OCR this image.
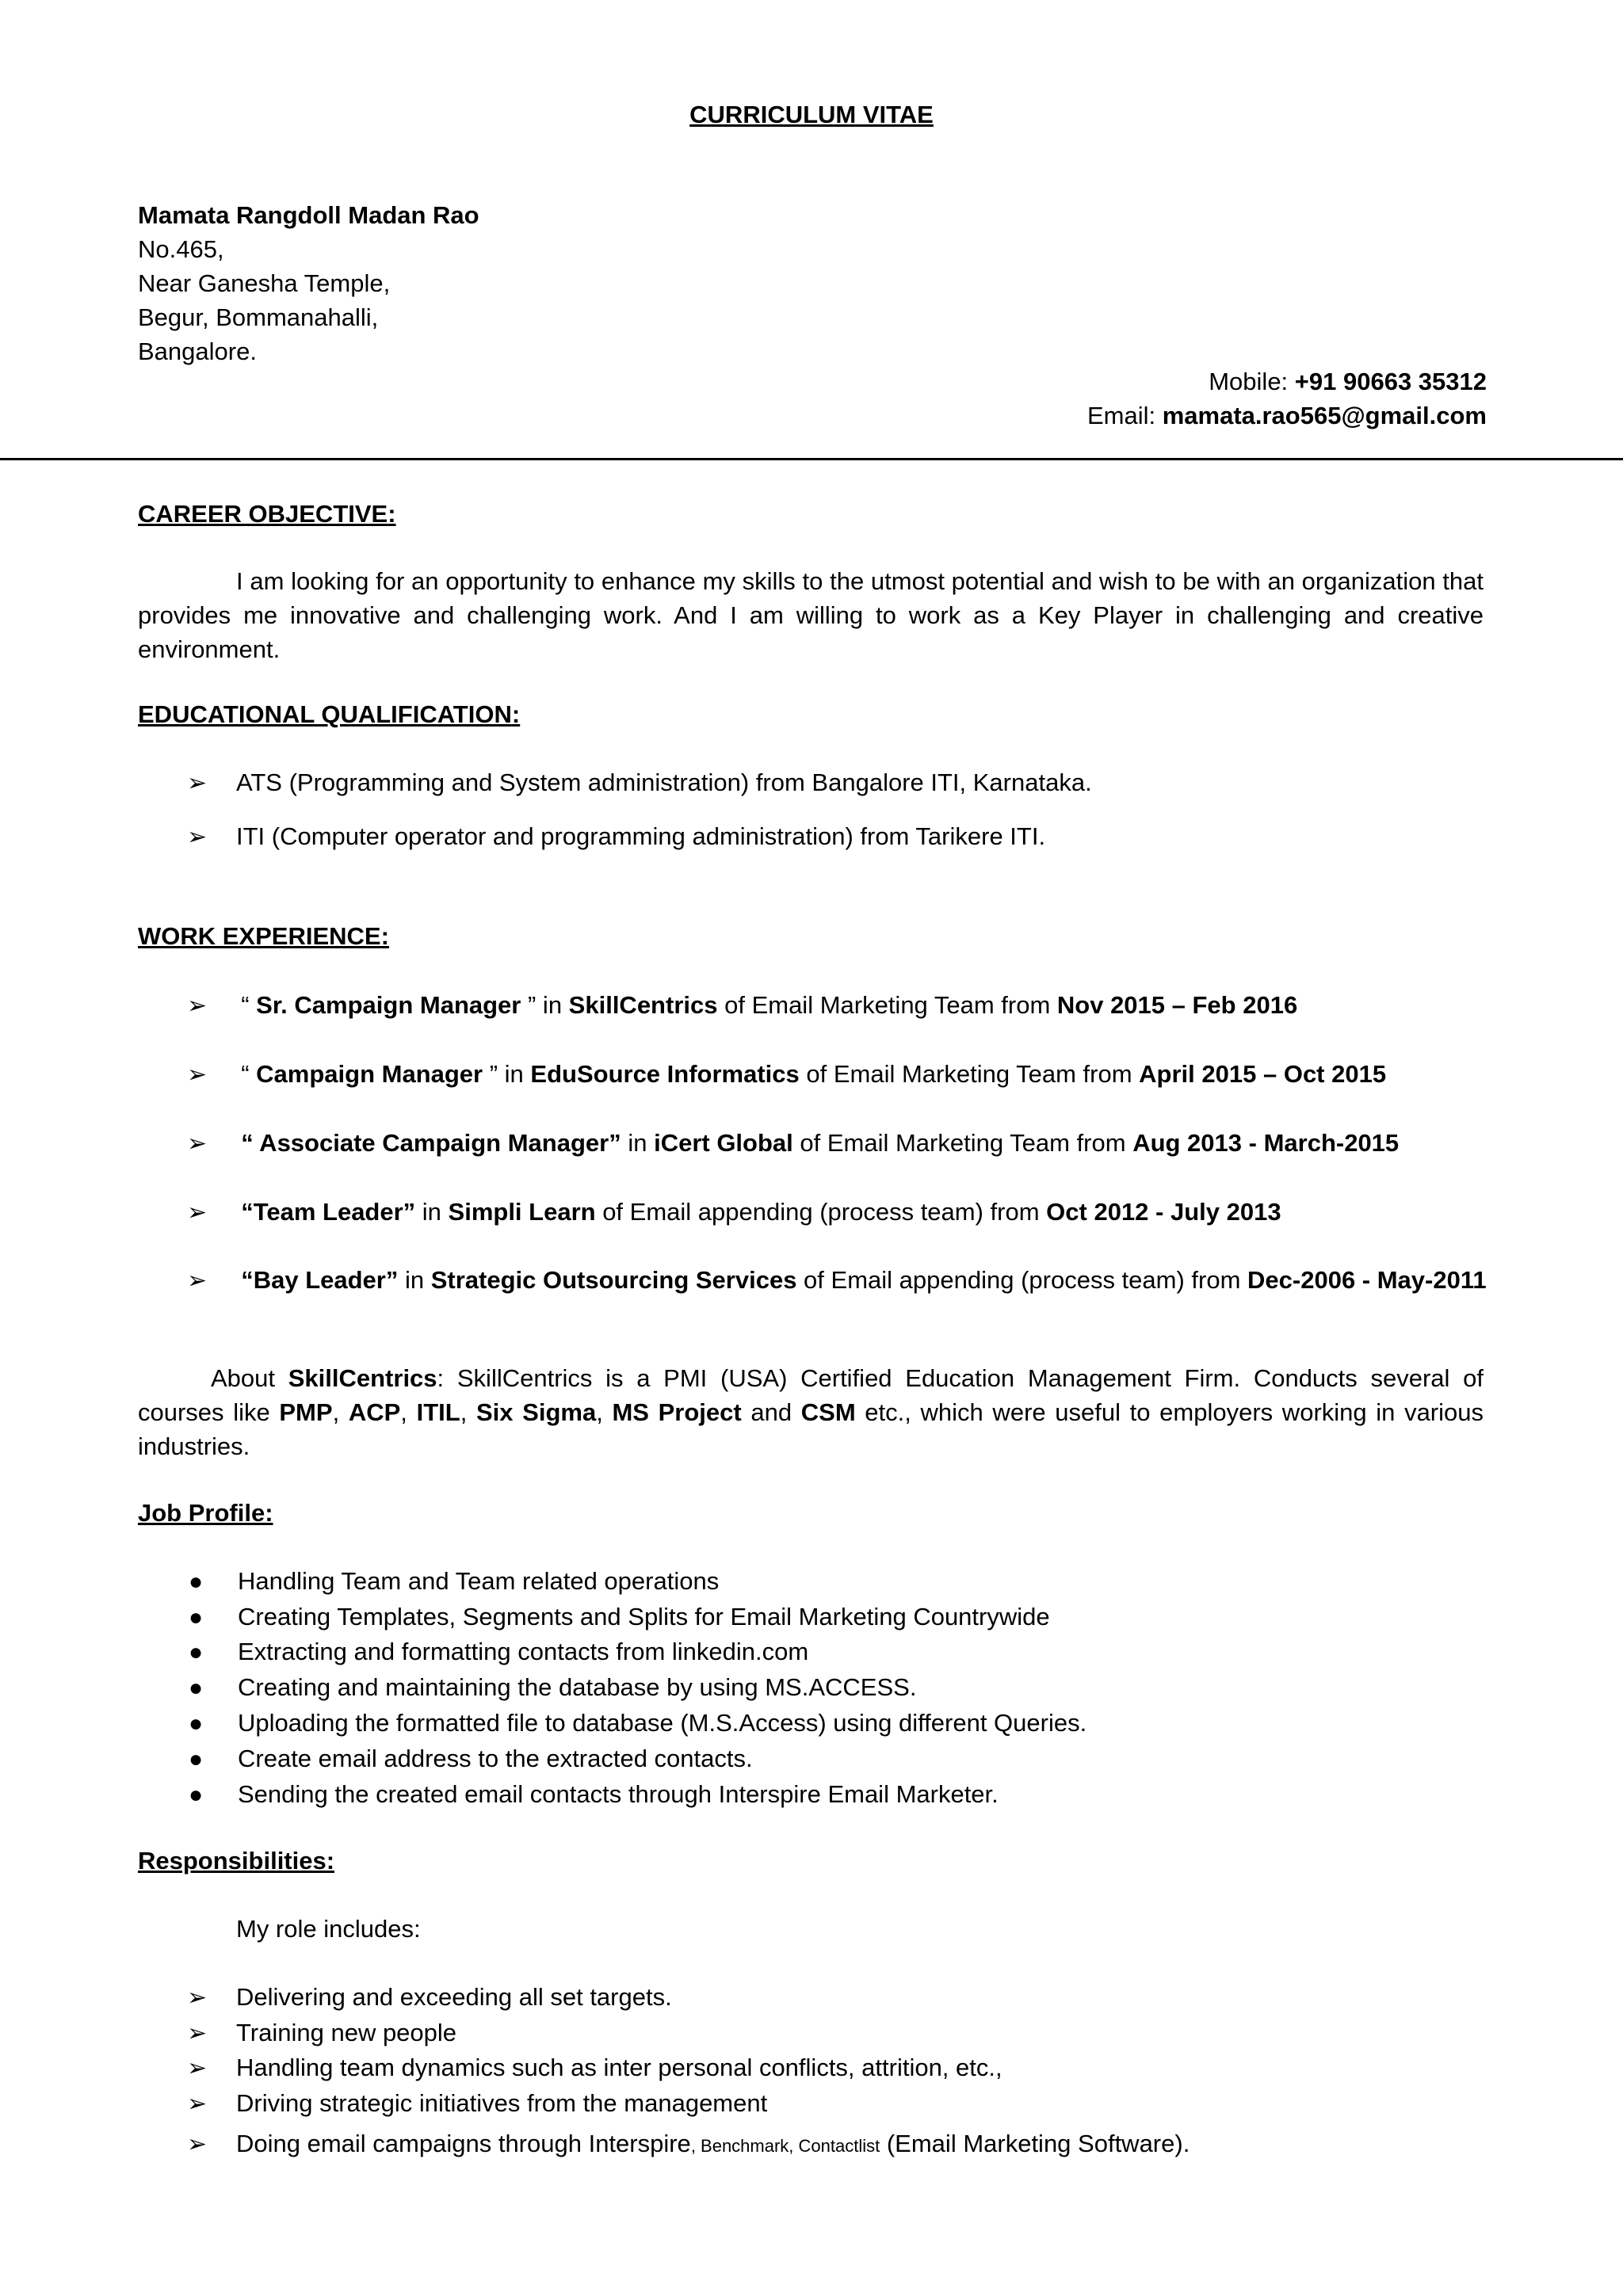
CURRICULUM VITAE
Mamata Rangdoll Madan Rao
No.465,
Near Ganesha Temple,
Begur, Bommanahalli,
Bangalore.
Mobile: +91 90663 35312
Email: mamata.rao565@gmail.com
CAREER OBJECTIVE:
I am looking for an opportunity to enhance my skills to the utmost potential and wish to be with an organization that provides me innovative and challenging work. And I am willing to work as a Key Player in challenging and creative environment.
EDUCATIONAL QUALIFICATION:
➢ ATS (Programming and System administration) from Bangalore ITI, Karnataka.
➢ ITI (Computer operator and programming administration) from Tarikere ITI.
WORK EXPERIENCE:
➢  “ Sr. Campaign Manager ” in SkillCentrics of Email Marketing Team from Nov 2015 – Feb 2016
➢  “ Campaign Manager ” in EduSource Informatics of Email Marketing Team from April 2015 – Oct 2015
➢  “ Associate Campaign Manager” in iCert Global of Email Marketing Team from Aug 2013 - March-2015
➢  “Team Leader” in Simpli Learn of Email appending (process team) from Oct 2012 - July 2013
➢  “Bay Leader” in Strategic Outsourcing Services of Email appending (process team) from Dec-2006 - May-2011
About SkillCentrics: SkillCentrics is a PMI (USA) Certified Education Management Firm. Conducts several of courses like PMP, ACP, ITIL, Six Sigma, MS Project and CSM etc., which were useful to employers working in various industries.
Job Profile:
● Handling Team and Team related operations
● Creating Templates, Segments and Splits for Email Marketing Countrywide
● Extracting and formatting contacts from linkedin.com
● Creating and maintaining the database by using MS.ACCESS.
● Uploading the formatted file to database (M.S.Access) using different Queries.
● Create email address to the extracted contacts.
● Sending the created email contacts through Interspire Email Marketer.
Responsibilities:
My role includes:
➢ Delivering and exceeding all set targets.
➢ Training new people
➢ Handling team dynamics such as inter personal conflicts, attrition, etc.,
➢ Driving strategic initiatives from the management
➢ Doing email campaigns through Interspire, Benchmark, Contactlist (Email Marketing Software).
